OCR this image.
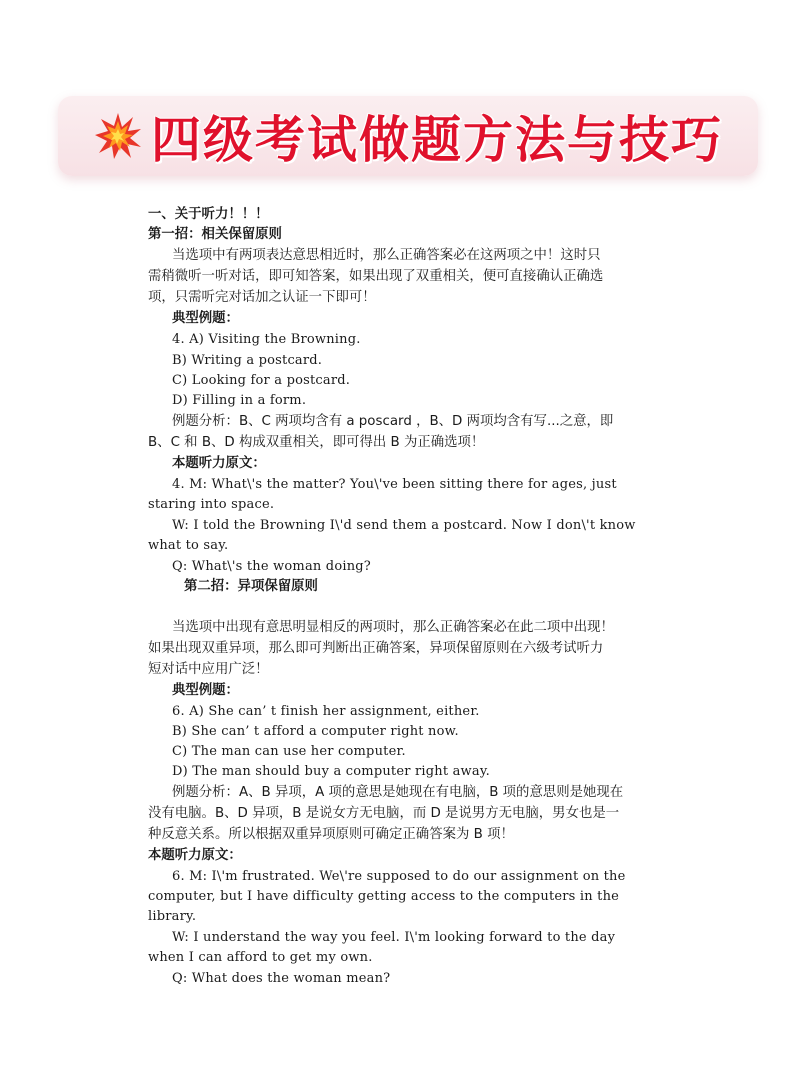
四级考试做题方法与技巧
一、关于听力！！！
第一招：相关保留原则
当选项中有两项表达意思相近时，那么正确答案必在这两项之中！这时只
需稍微听一听对话，即可知答案，如果出现了双重相关，便可直接确认正确选
项，只需听完对话加之认证一下即可！
典型例题：
4. A) Visiting the Browning.
B) Writing a postcard.
C) Looking for a postcard.
D) Filling in a form.
例题分析：B、C 两项均含有 a poscard ，B、D 两项均含有写...之意，即
B、C 和 B、D 构成双重相关，即可得出 B 为正确选项！
本题听力原文：
4. M: What\'s the matter? You\'ve been sitting there for ages, just
staring into space.
W: I told the Browning I\'d send them a postcard. Now I don\'t know
what to say.
Q: What\'s the woman doing?
第二招：异项保留原则
当选项中出现有意思明显相反的两项时，那么正确答案必在此二项中出现！
如果出现双重异项，那么即可判断出正确答案，异项保留原则在六级考试听力
短对话中应用广泛！
典型例题：
6. A) She can’ t finish her assignment, either.
B) She can’ t afford a computer right now.
C) The man can use her computer.
D) The man should buy a computer right away.
例题分析：A、B 异项，A 项的意思是她现在有电脑，B 项的意思则是她现在
没有电脑。B、D 异项，B 是说女方无电脑，而 D 是说男方无电脑，男女也是一
种反意关系。所以根据双重异项原则可确定正确答案为 B 项！
本题听力原文：
6. M: I\'m frustrated. We\'re supposed to do our assignment on the
computer, but I have difficulty getting access to the computers in the
library.
W: I understand the way you feel. I\'m looking forward to the day
when I can afford to get my own.
Q: What does the woman mean?
